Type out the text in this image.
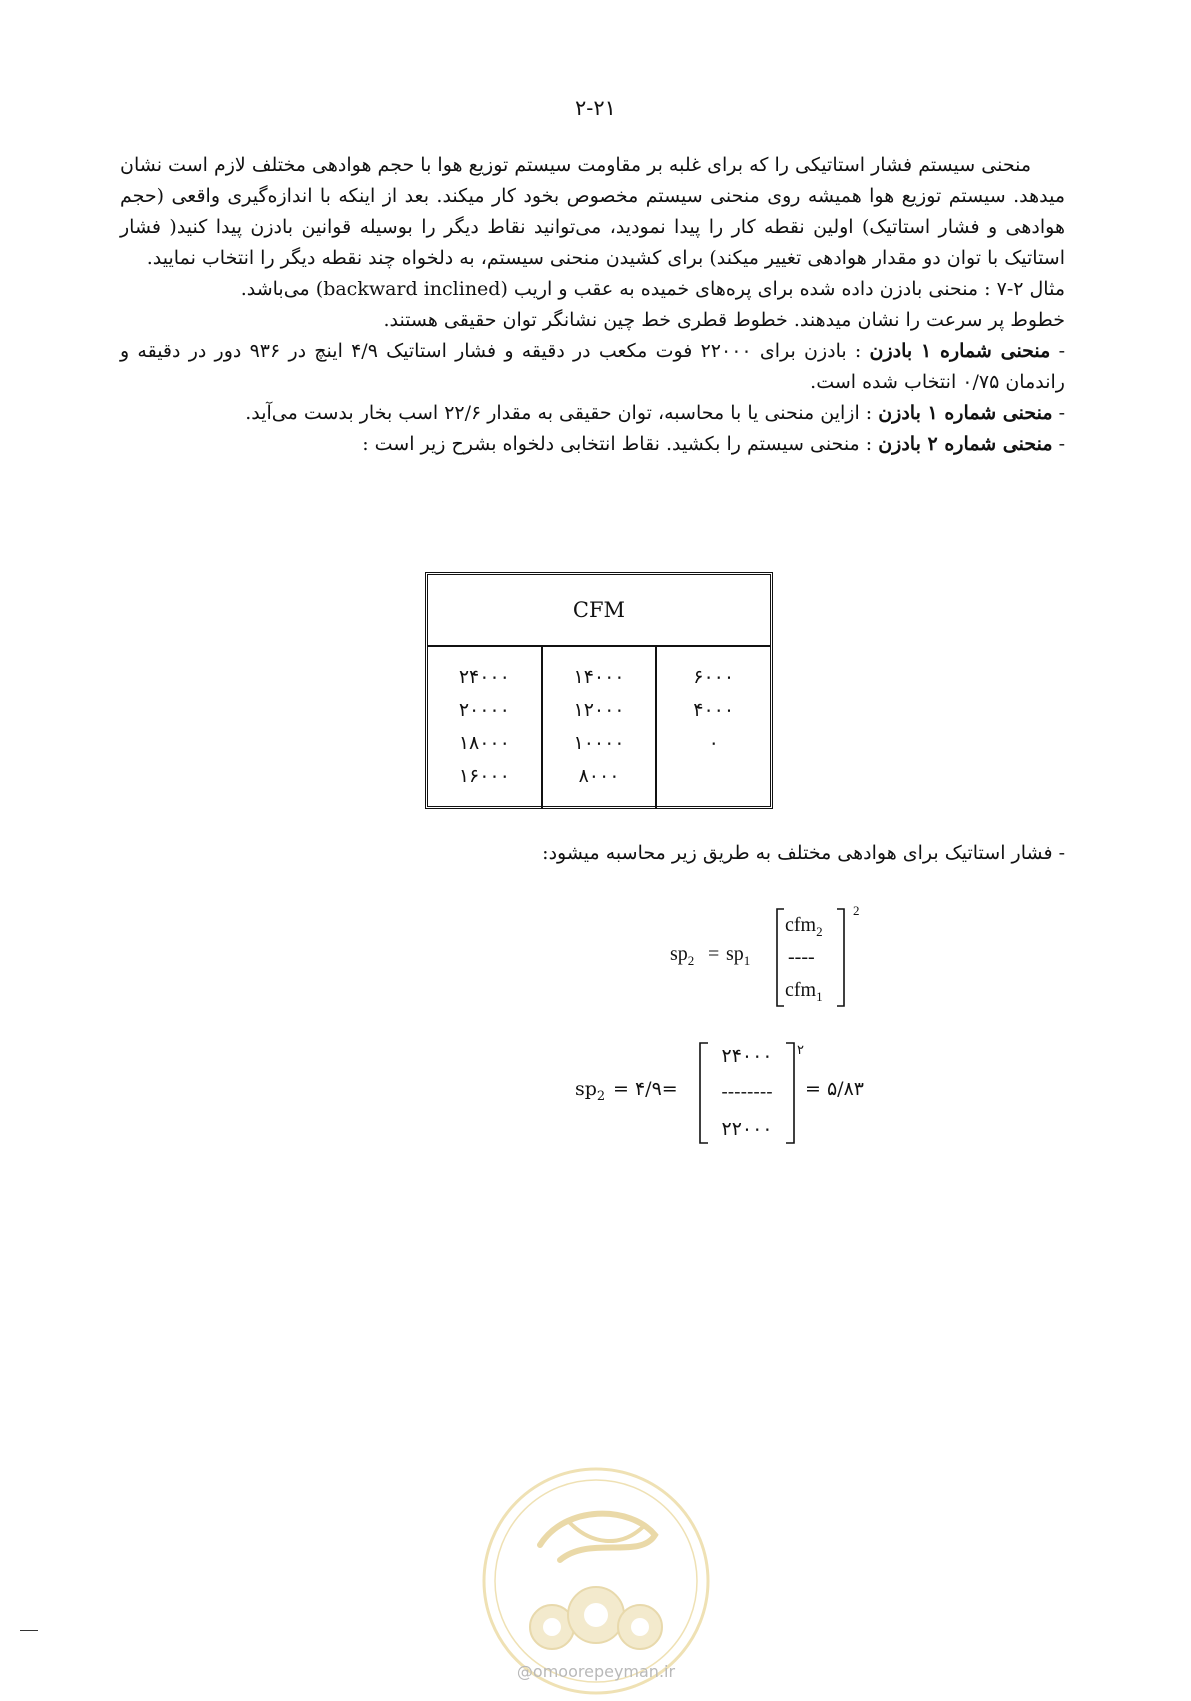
۲-۲۱

منحنی سیستم فشار استاتیکی را که برای غلبه بر مقاومت سیستم توزیع هوا با حجم هوادهی مختلف لازم است نشان میدهد. سیستم توزیع هوا همیشه روی منحنی سیستم مخصوص بخود کار میکند. بعد از اینکه با اندازه‌گیری واقعی (حجم هوادهی و فشار استاتیک) اولین نقطه کار را پیدا نمودید، می‌توانید نقاط دیگر را بوسیله قوانین بادزن پیدا کنید( فشار استاتیک با توان دو مقدار هوادهی تغییر میکند) برای کشیدن منحنی سیستم، به دلخواه چند نقطه دیگر را انتخاب نمایید.

مثال ۲-۷ : منحنی بادزن داده شده برای پره‌های خمیده به عقب و اریب (backward inclined) می‌باشد.

خطوط پر سرعت را نشان میدهند. خطوط قطری خط چین نشانگر توان حقیقی هستند.

- منحنی شماره ۱ بادزن : بادزن برای ۲۲۰۰۰ فوت مکعب در دقیقه و فشار استاتیک ۴/۹ اینچ در ۹۳۶ دور در دقیقه و راندمان ۰/۷۵ انتخاب شده است.

- منحنی شماره ۱ بادزن : ازاین منحنی یا با محاسبه، توان حقیقی به مقدار ۲۲/۶ اسب بخار بدست می‌آید.

- منحنی شماره ۲ بادزن : منحنی سیستم را بکشید. نقاط انتخابی دلخواه بشرح زیر است :

CFM
۶۰۰۰
۴۰۰۰
۰
۱۴۰۰۰
۱۲۰۰۰
۱۰۰۰۰
۸۰۰۰
۲۴۰۰۰
۲۰۰۰۰
۱۸۰۰۰
۱۶۰۰۰
- فشار استاتیک برای هوادهی مختلف به طریق زیر محاسبه میشود:
$sp_2 = sp_1$
cfm$_2$
----
cfm$_1$
2
$sp_2$ = ۴/۹=
۲۴۰۰۰
--------
۲۲۰۰۰
۲
= ۵/۸۳
@omoorepeyman.ir
